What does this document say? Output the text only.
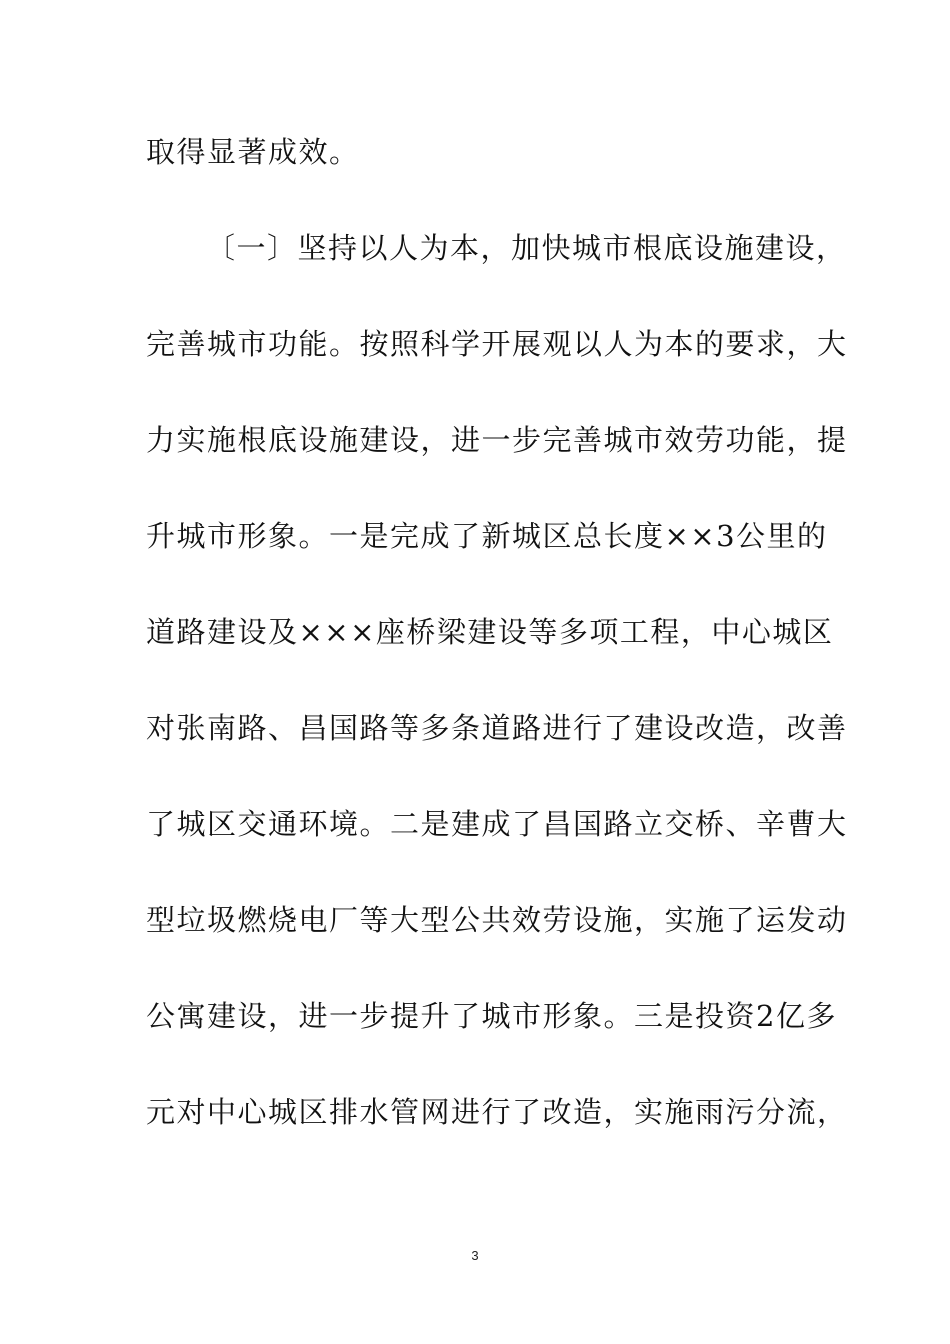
取得显著成效。
〔一〕坚持以人为本，加快城市根底设施建设，
完善城市功能。按照科学开展观以人为本的要求，大
力实施根底设施建设，进一步完善城市效劳功能，提
升城市形象。一是完成了新城区总长度××3公里的
道路建设及×××座桥梁建设等多项工程，中心城区
对张南路、昌国路等多条道路进行了建设改造，改善
了城区交通环境。二是建成了昌国路立交桥、辛曹大
型垃圾燃烧电厂等大型公共效劳设施，实施了运发动
公寓建设，进一步提升了城市形象。三是投资2亿多
元对中心城区排水管网进行了改造，实施雨污分流，
3
